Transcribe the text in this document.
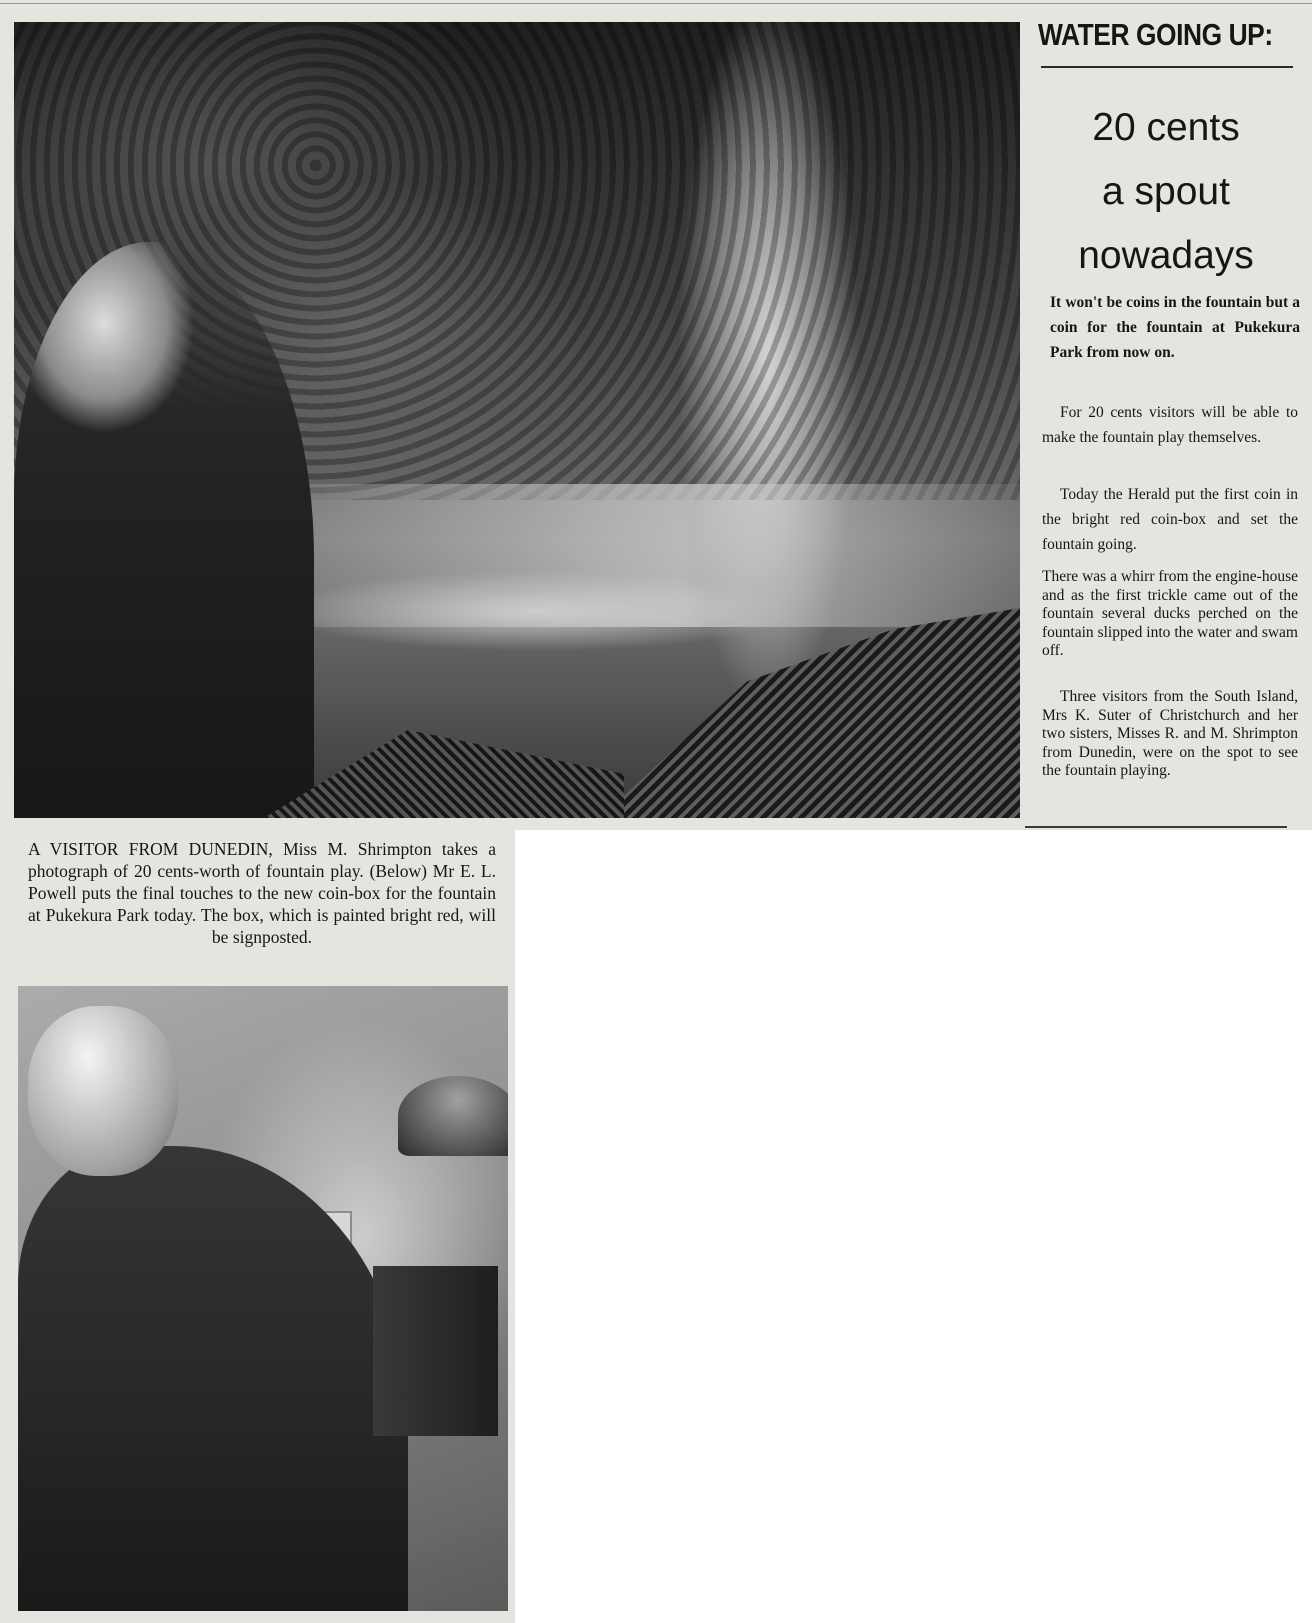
WATER GOING UP:
20 cents
a spout
nowadays
It won't be coins in the fountain but a coin for the fountain at Pukekura Park from now on.
For 20 cents visitors will be able to make the fountain play themselves.
Today the Herald put the first coin in the bright red coin-box and set the fountain going.
There was a whirr from the engine-house and as the first trickle came out of the fountain several ducks perched on the fountain slipped into the water and swam off.
Three visitors from the South Island, Mrs K. Suter of Christchurch and her two sisters, Misses R. and M. Shrimpton from Dunedin, were on the spot to see the fountain playing.
A VISITOR FROM DUNEDIN, Miss M. Shrimpton takes a photograph of 20 cents-worth of fountain play. (Below) Mr E. L. Powell puts the final touches to the new coin-box for the fountain at Pukekura Park today. The box, which is painted bright red, will be signposted.
